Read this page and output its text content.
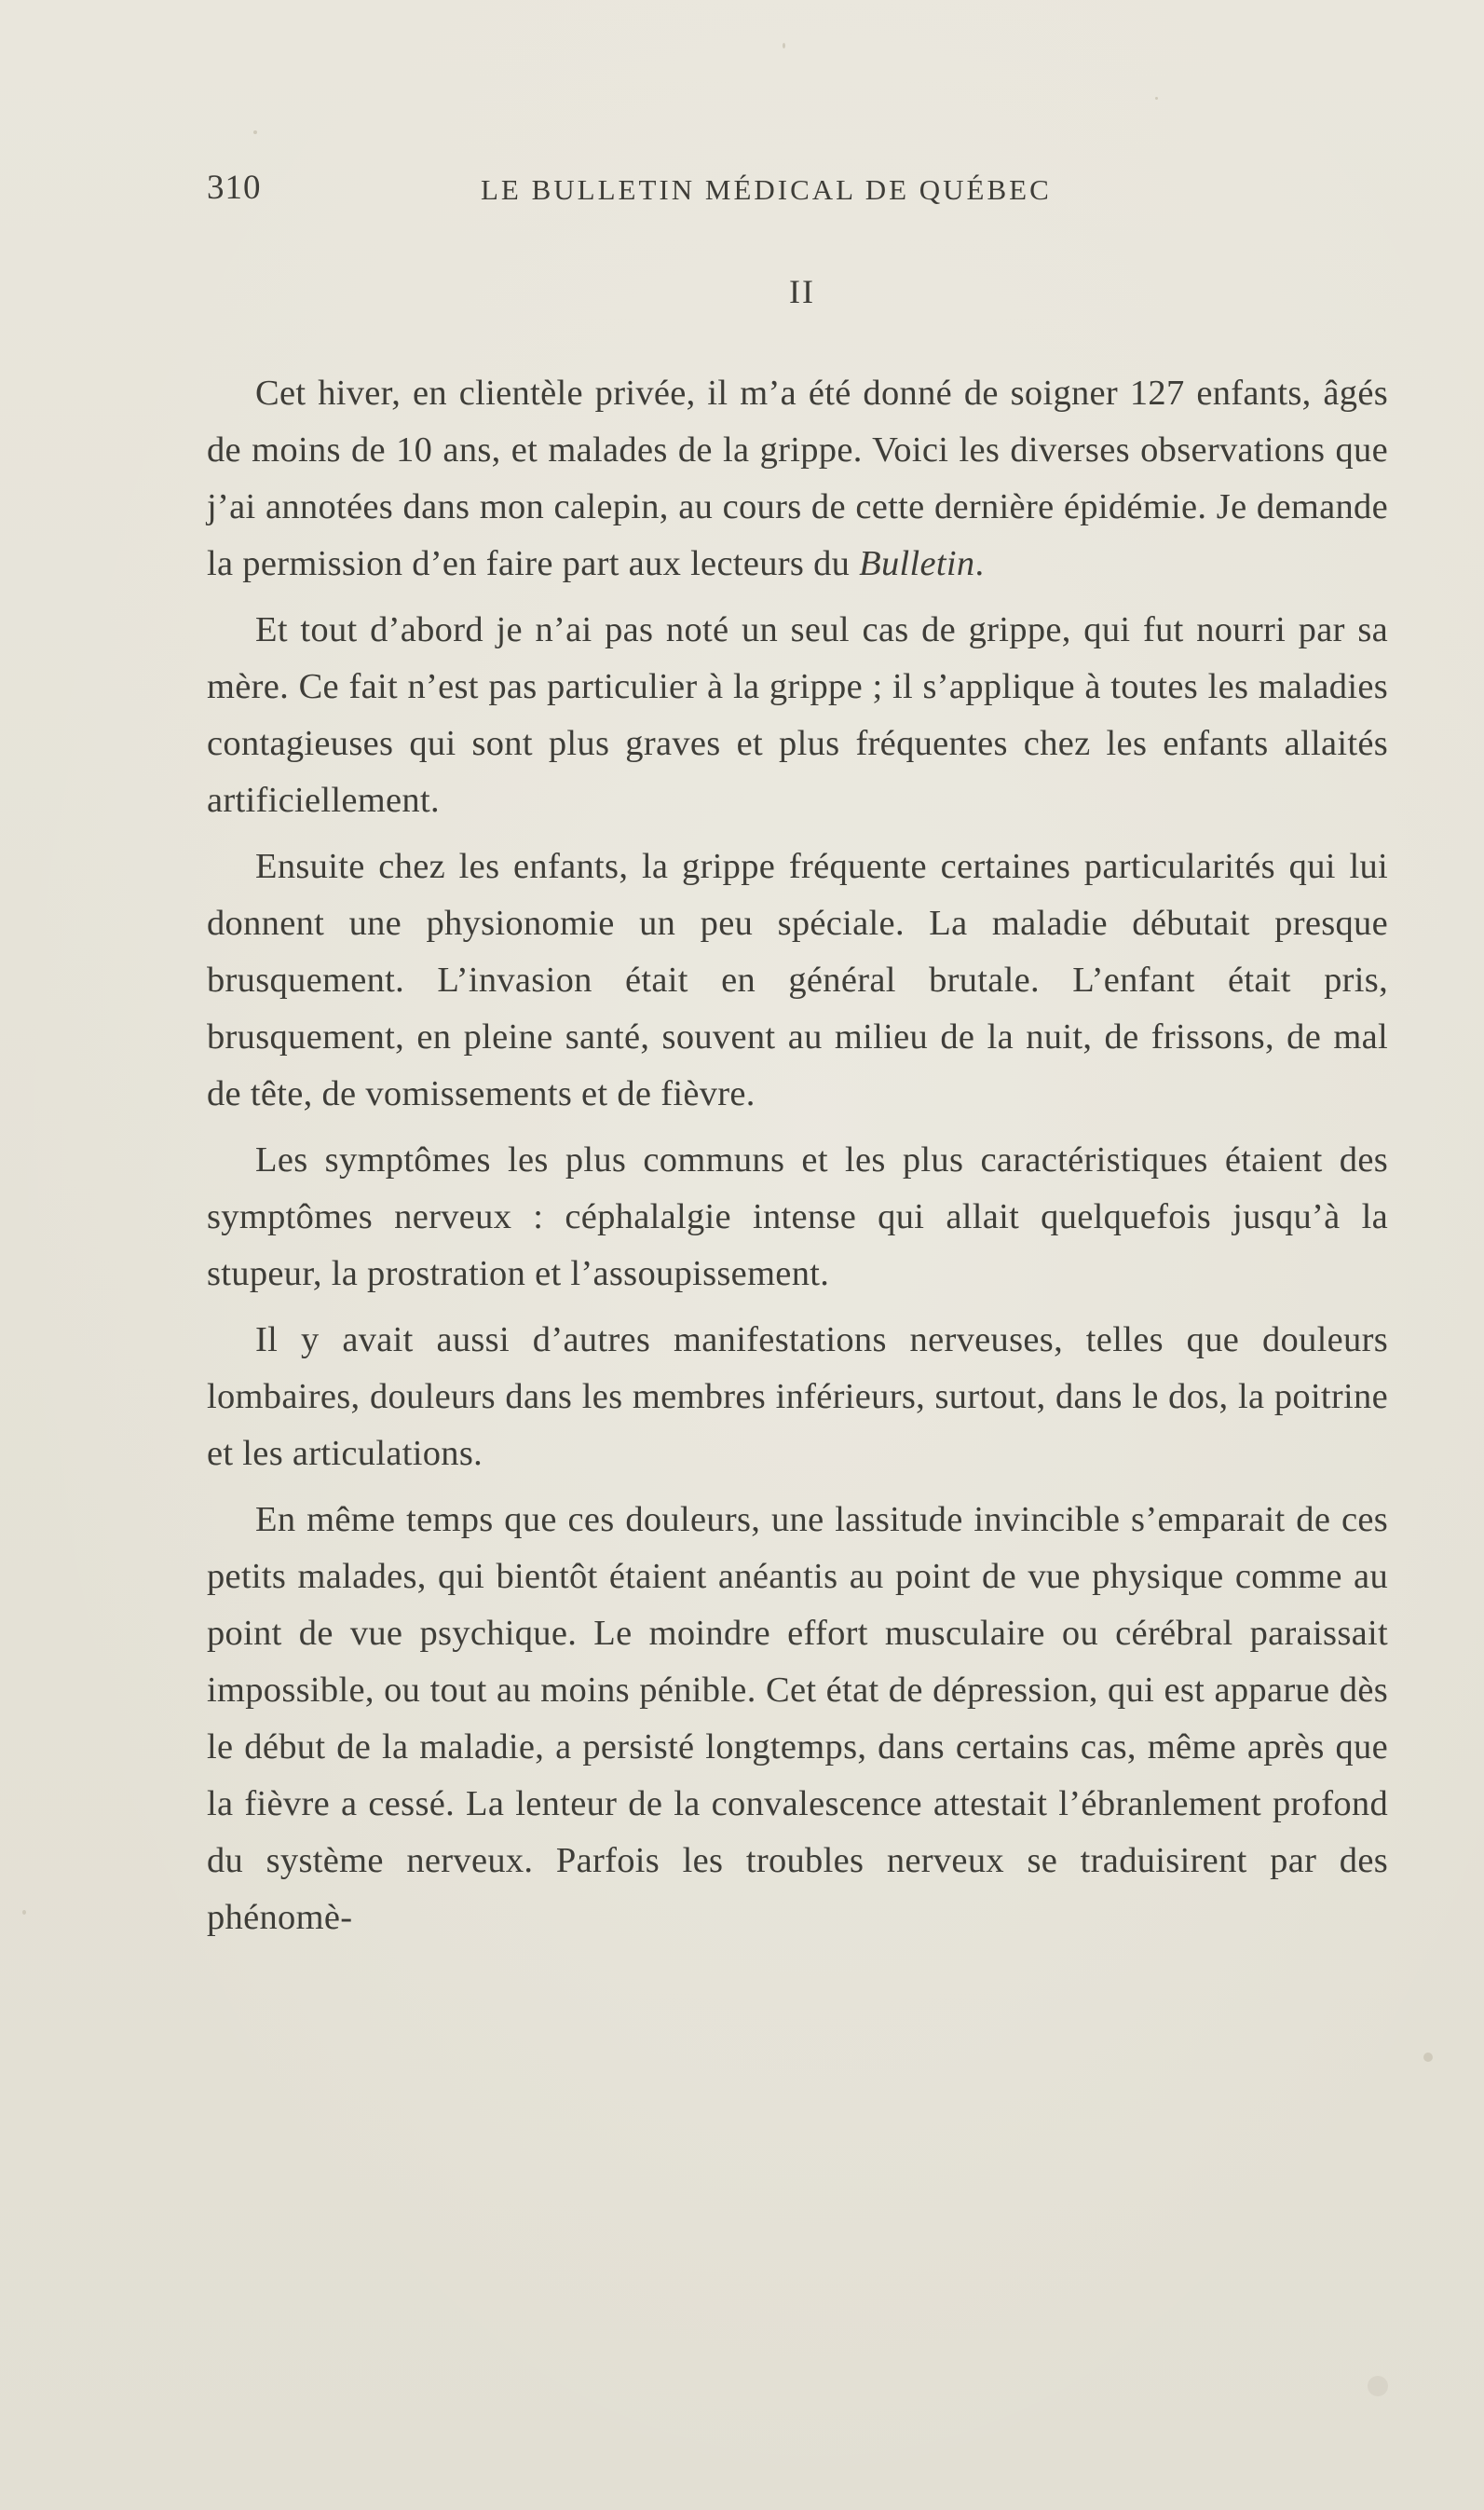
310	LE BULLETIN MÉDICAL DE QUÉBEC
II

Cet hiver, en clientèle privée, il m’a été donné de soigner 127 enfants, âgés de moins de 10 ans, et malades de la grippe. Voici les diverses observations que j’ai annotées dans mon calepin, au cours de cette dernière épidémie. Je demande la permission d’en faire part aux lecteurs du Bulletin.

Et tout d’abord je n’ai pas noté un seul cas de grippe, qui fut nourri par sa mère. Ce fait n’est pas particulier à la grippe ; il s’applique à toutes les maladies contagieuses qui sont plus graves et plus fréquentes chez les enfants allaités artificiellement.

Ensuite chez les enfants, la grippe fréquente certaines particularités qui lui donnent une physionomie un peu spéciale. La maladie débutait presque brusquement. L’invasion était en général brutale. L’enfant était pris, brusquement, en pleine santé, souvent au milieu de la nuit, de frissons, de mal de tête, de vomissements et de fièvre.

Les symptômes les plus communs et les plus caractéristiques étaient des symptômes nerveux : céphalalgie intense qui allait quelquefois jusqu’à la stupeur, la prostration et l’assoupissement.

Il y avait aussi d’autres manifestations nerveuses, telles que douleurs lombaires, douleurs dans les membres inférieurs, surtout, dans le dos, la poitrine et les articulations.

En même temps que ces douleurs, une lassitude invincible s’emparait de ces petits malades, qui bientôt étaient anéantis au point de vue physique comme au point de vue psychique. Le moindre effort musculaire ou cérébral paraissait impossible, ou tout au moins pénible. Cet état de dépression, qui est apparue dès le début de la maladie, a persisté longtemps, dans certains cas, même après que la fièvre a cessé. La lenteur de la convalescence attestait l’ébranlement profond du système nerveux. Parfois les troubles nerveux se traduisirent par des phénomè-
